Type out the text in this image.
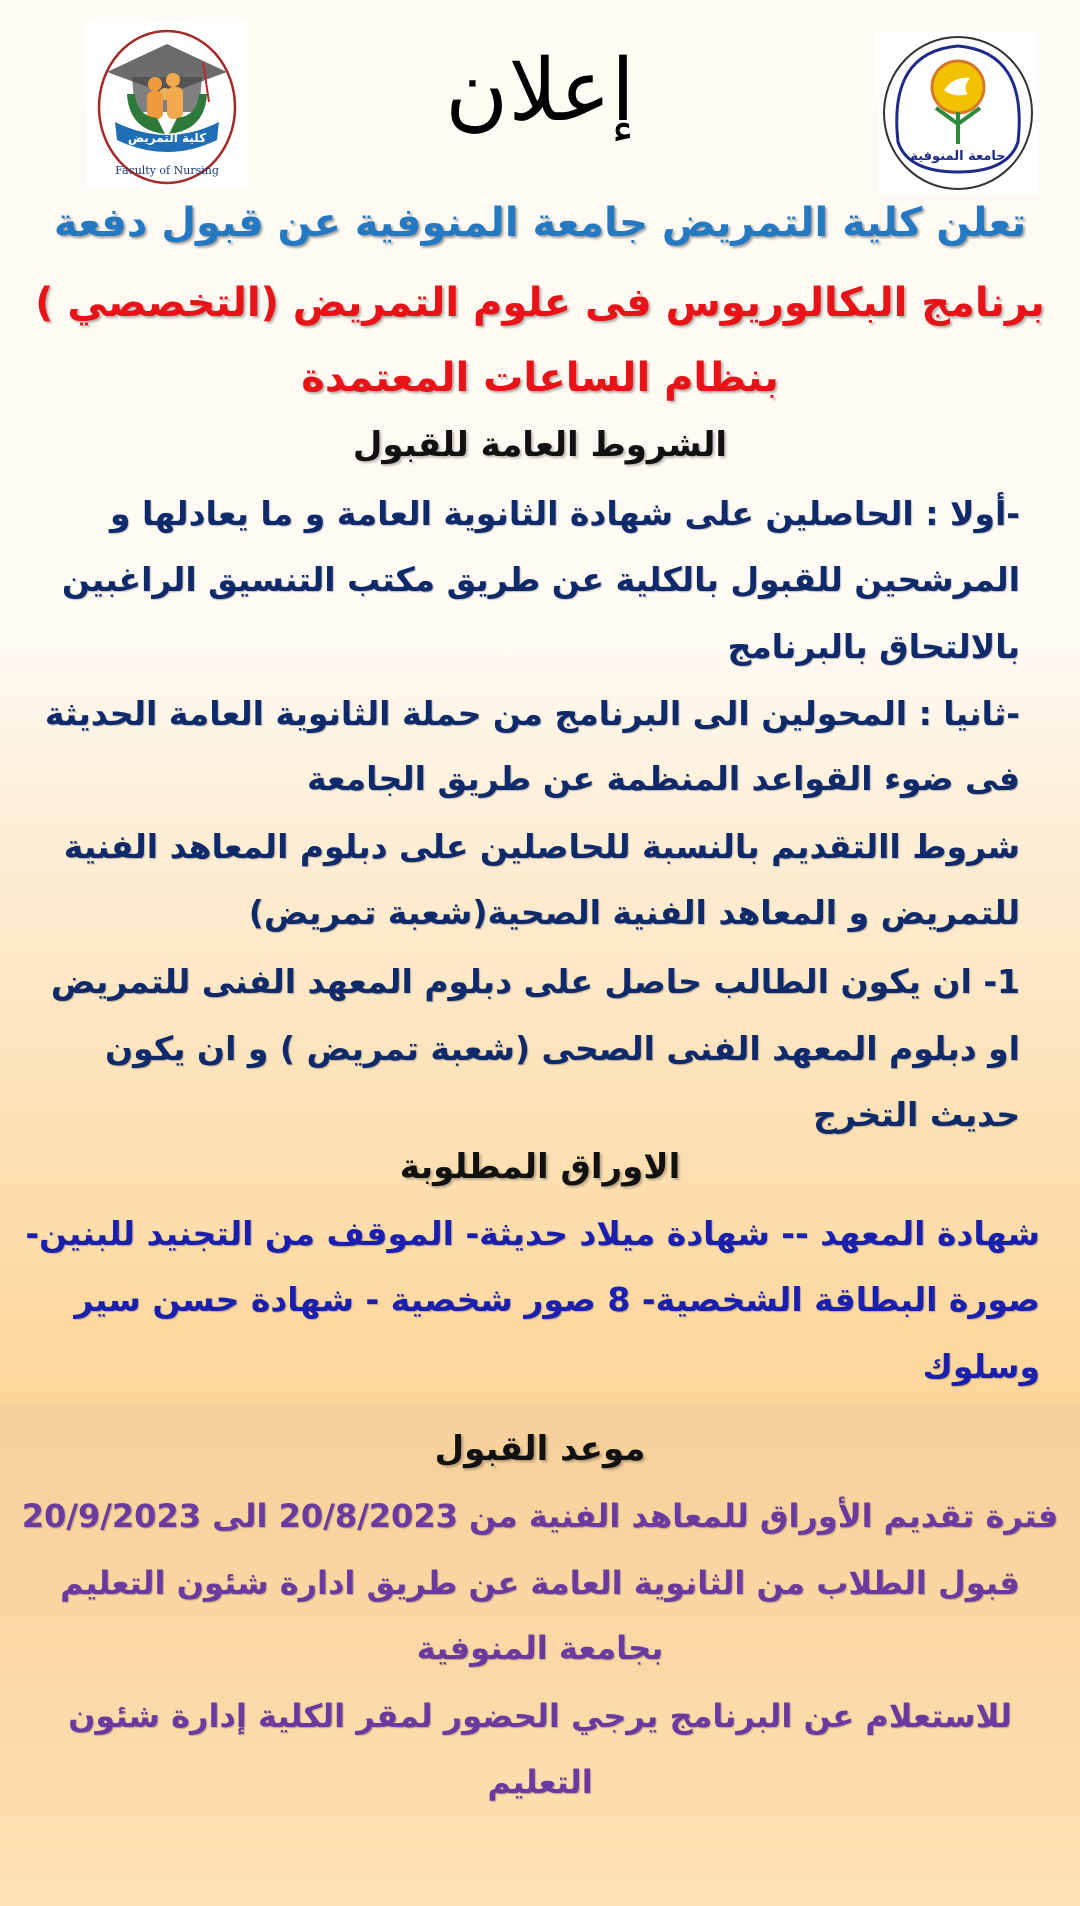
كلية التمريض
Faculty of Nursing
إعلان
جامعة المنوفية
تعلن كلية التمريض جامعة المنوفية عن قبول دفعة
برنامج البكالوريوس فى علوم التمريض (التخصصي )
بنظام الساعات المعتمدة
الشروط العامة للقبول
-أولا : الحاصلين على شهادة الثانوية العامة و ما يعادلها و
المرشحين للقبول بالكلية عن طريق مكتب التنسيق الراغبين
بالالتحاق بالبرنامج
-ثانيا : المحولين الى البرنامج من حملة الثانوية العامة الحديثة
فى ضوء القواعد المنظمة عن طريق الجامعة
شروط االتقديم بالنسبة للحاصلين على دبلوم المعاهد الفنية
للتمريض و المعاهد الفنية الصحية(شعبة تمريض)
1- ان يكون الطالب حاصل على دبلوم المعهد الفنى للتمريض
او دبلوم المعهد الفنى الصحى (شعبة تمريض ) و ان يكون
حديث التخرج
الاوراق المطلوبة
شهادة المعهد -- شهادة ميلاد حديثة- الموقف من التجنيد للبنين-
صورة البطاقة الشخصية- 8 صور شخصية - شهادة حسن سير
وسلوك
موعد القبول
فترة تقديم الأوراق للمعاهد الفنية من 20/8/2023 الى 20/9/2023
قبول الطلاب من الثانوية العامة عن طريق ادارة شئون التعليم
بجامعة المنوفية
للاستعلام عن البرنامج يرجي الحضور لمقر الكلية إدارة شئون
التعليم
